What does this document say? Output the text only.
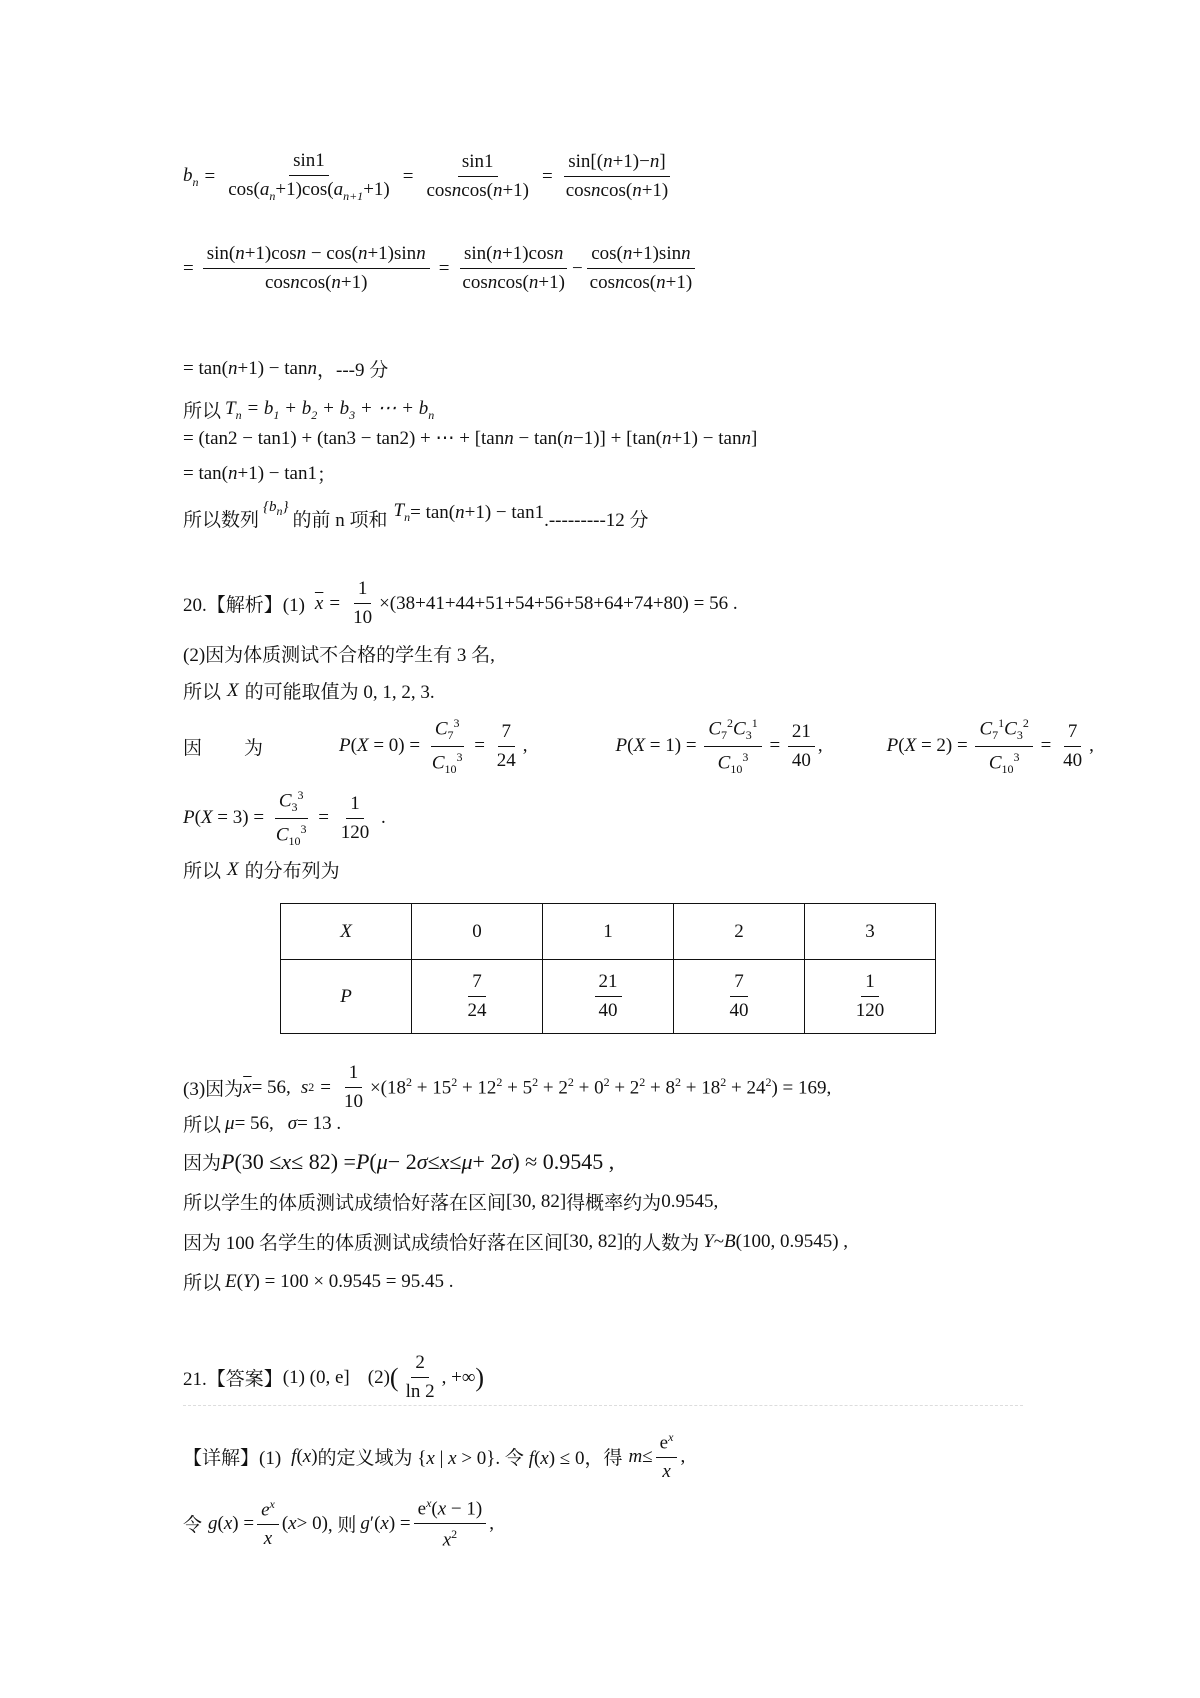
$b_n = \frac{\sin 1}{\cos(a_n+1)\cos(a_{n+1}+1)} = \frac{\sin 1}{\text{cosncos(n+1)}} = \frac{\sin[(n+1)-n]}{\text{cosncos(n+1)}}$
= $\frac{\sin(n+1)\cos n - \cos(n+1)\sin n}{\text{cosncos(n+1)}} = \frac{\sin(n+1)\cos n}{\text{cosncos(n+1)}} - \frac{\cos(n+1)\sin n}{\text{cosncos(n+1)}}$
= tan(n+1) − tann ，---9 分
所以 $T_n = b_1 + b_2 + b_3$ + ⋯ + $b_n$
= (tan2 − tan1) + (tan3 − tan2) + ⋯ + [tann − tan(n−1)] + [tan(n+1) − tann]
= tan(n+1) − tan1 ；
所以数列
$\{b_n\}$
的前 n 项和 $T_n = \tan(n+1) - \tan 1$ .---------12 分
20.【解析】(1) $\overline{x} = \frac{1}{10} \times(38+41+44+51+54+56+58+64+74+80) = 56$ .
(2)因为体质测试不合格的学生有 3 名,
所以 X 的可能取值为 0, 1, 2, 3.
因 为	$P(X = 0) = \frac{C_7^3}{C_{10}^3} = \frac{7}{24}$ ,	$P(X = 1) = \frac{C_7^2C_3^1}{C_{10}^3} = \frac{21}{40}$ ,	$P(X = 2) = \frac{C_7^1C_3^2}{C_{10}^3} = \frac{7}{40}$ ,
$P(X = 3) = \frac{C_3^3}{C_{10}^3} = \frac{1}{120}$ .
所以 X 的分布列为
X	0	1	2	3
P	$\frac{7}{24}$	$\frac{21}{40}$	$\frac{7}{40}$	$\frac{1}{120}$
(3)因为 $\overline{x} = 56$, s $2 = \frac{1}{10} \times(18^2 + 15^2 + 12^2 + 5^2 + 2^2 + 0^2 + 2^2 + 8^2 + 18^2 + 24^2) = 169$,
所以 μ = 56, σ = 13 .
因为 P (30 ≤ x ≤ 82) = P ( μ − 2 σ ≤ x ≤ μ + 2 σ ) ≈ 0.9545 ,
所以学生的体质测试成绩恰好落在区间 [30, 82] 得概率约为 0.9545 ,
因为 100 名学生的体质测试成绩恰好落在区间 [30, 82] 的人数为 Y ~ B (100, 0.9545) ,
所以 E ( Y ) = 100 × 0.9545 = 95.45 .
21.【答案】 (1) (0, e] (2) ( $\frac{2}{\ln 2}$ , +∞ )
【详解】(1) f(x) 的定义域为 {x | x > 0}. 令 f(x) ≤ 0，得 $m \le \frac{e^x}{x}$ ,
令 g ( x ) = $\frac{e^x}{x}$ ( x > 0) , 则 g ′( x ) = $\frac{e^x(x - 1)}{x^2}$ ,
